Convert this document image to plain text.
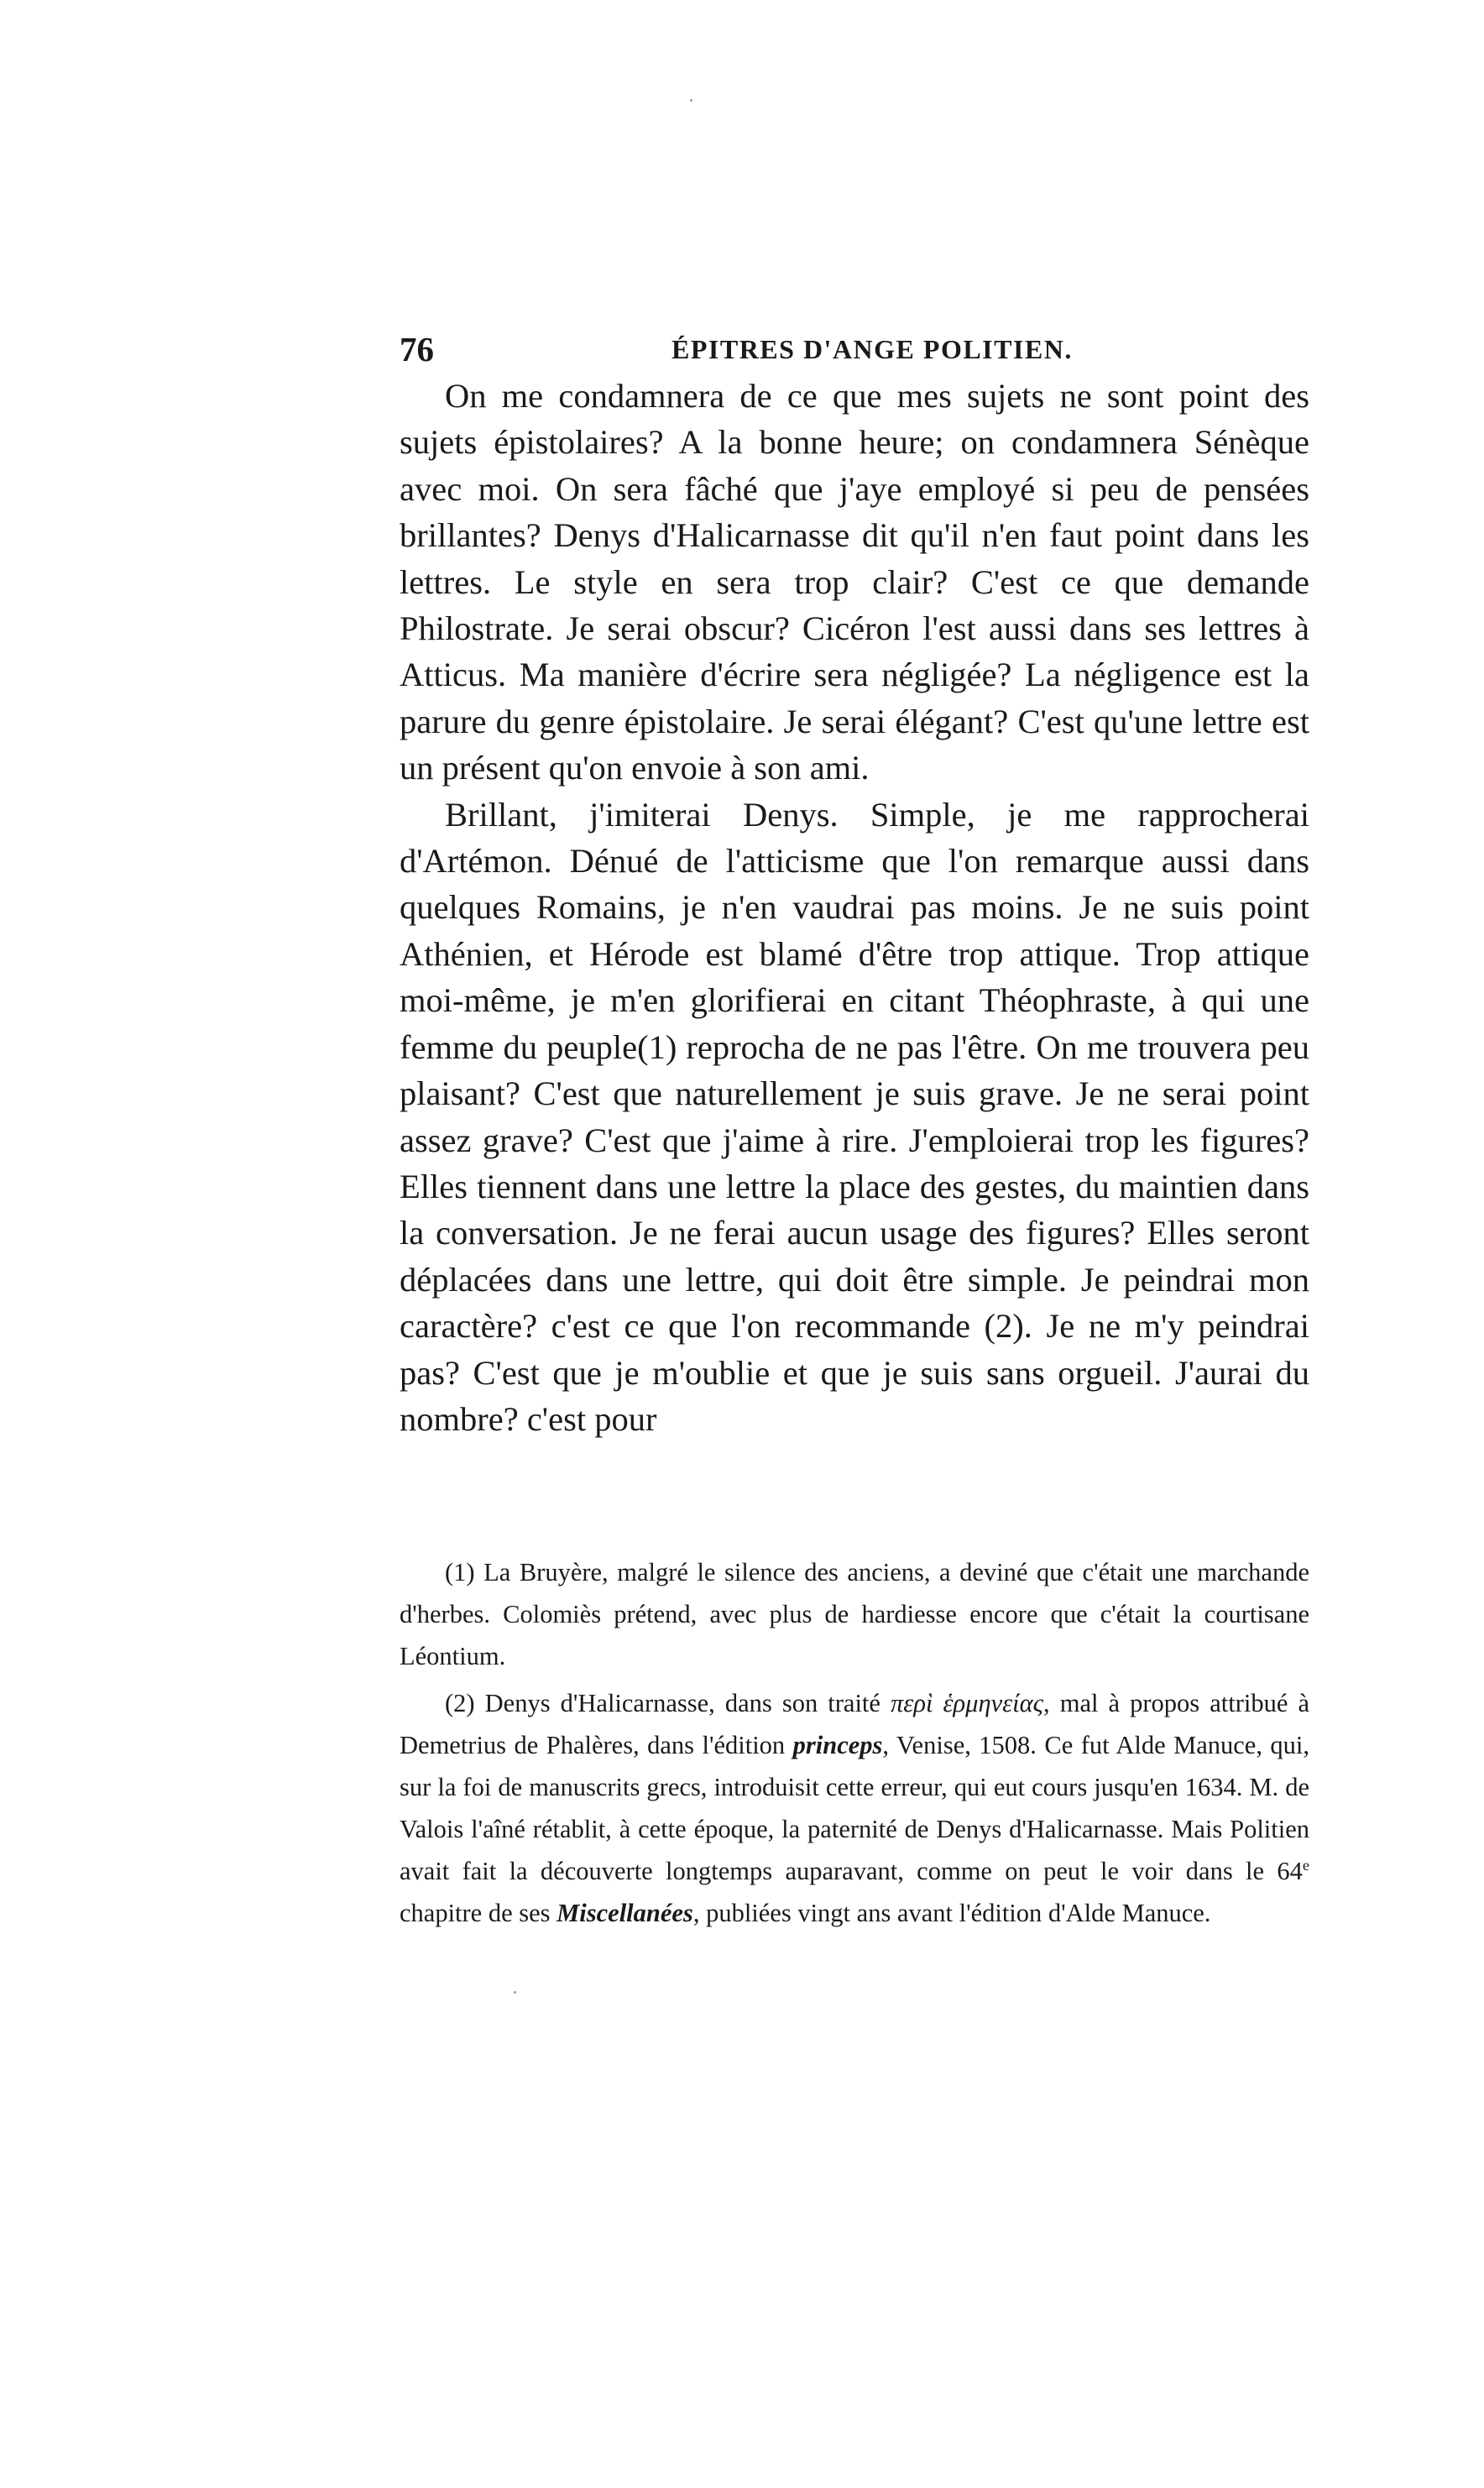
76	ÉPITRES D'ANGE POLITIEN.

On me condamnera de ce que mes sujets ne sont point des sujets épistolaires? A la bonne heure; on condamnera Sénèque avec moi. On sera fâché que j'aye employé si peu de pensées brillantes? Denys d'Halicarnasse dit qu'il n'en faut point dans les lettres. Le style en sera trop clair? C'est ce que demande Philostrate. Je serai obscur? Cicéron l'est aussi dans ses lettres à Atticus. Ma manière d'écrire sera négligée? La négligence est la parure du genre épistolaire. Je serai élégant? C'est qu'une lettre est un présent qu'on envoie à son ami.

Brillant, j'imiterai Denys. Simple, je me rapprocherai d'Artémon. Dénué de l'atticisme que l'on remarque aussi dans quelques Romains, je n'en vaudrai pas moins. Je ne suis point Athénien, et Hérode est blamé d'être trop attique. Trop attique moi-même, je m'en glorifierai en citant Théophraste, à qui une femme du peuple(1) reprocha de ne pas l'être. On me trouvera peu plaisant? C'est que naturellement je suis grave. Je ne serai point assez grave? C'est que j'aime à rire. J'emploierai trop les figures? Elles tiennent dans une lettre la place des gestes, du maintien dans la conversation. Je ne ferai aucun usage des figures? Elles seront déplacées dans une lettre, qui doit être simple. Je peindrai mon caractère? c'est ce que l'on recommande (2). Je ne m'y peindrai pas? C'est que je m'oublie et que je suis sans orgueil. J'aurai du nombre? c'est pour

(1) La Bruyère, malgré le silence des anciens, a deviné que c'était une marchande d'herbes. Colomiès prétend, avec plus de hardiesse encore que c'était la courtisane Léontium.

(2) Denys d'Halicarnasse, dans son traité περὶ ἑρμηνείας, mal à propos attribué à Demetrius de Phalères, dans l'édition princeps, Venise, 1508. Ce fut Alde Manuce, qui, sur la foi de manuscrits grecs, introduisit cette erreur, qui eut cours jusqu'en 1634. M. de Valois l'aîné rétablit, à cette époque, la paternité de Denys d'Halicarnasse. Mais Politien avait fait la découverte longtemps auparavant, comme on peut le voir dans le 64e chapitre de ses Miscellanées, publiées vingt ans avant l'édition d'Alde Manuce.
